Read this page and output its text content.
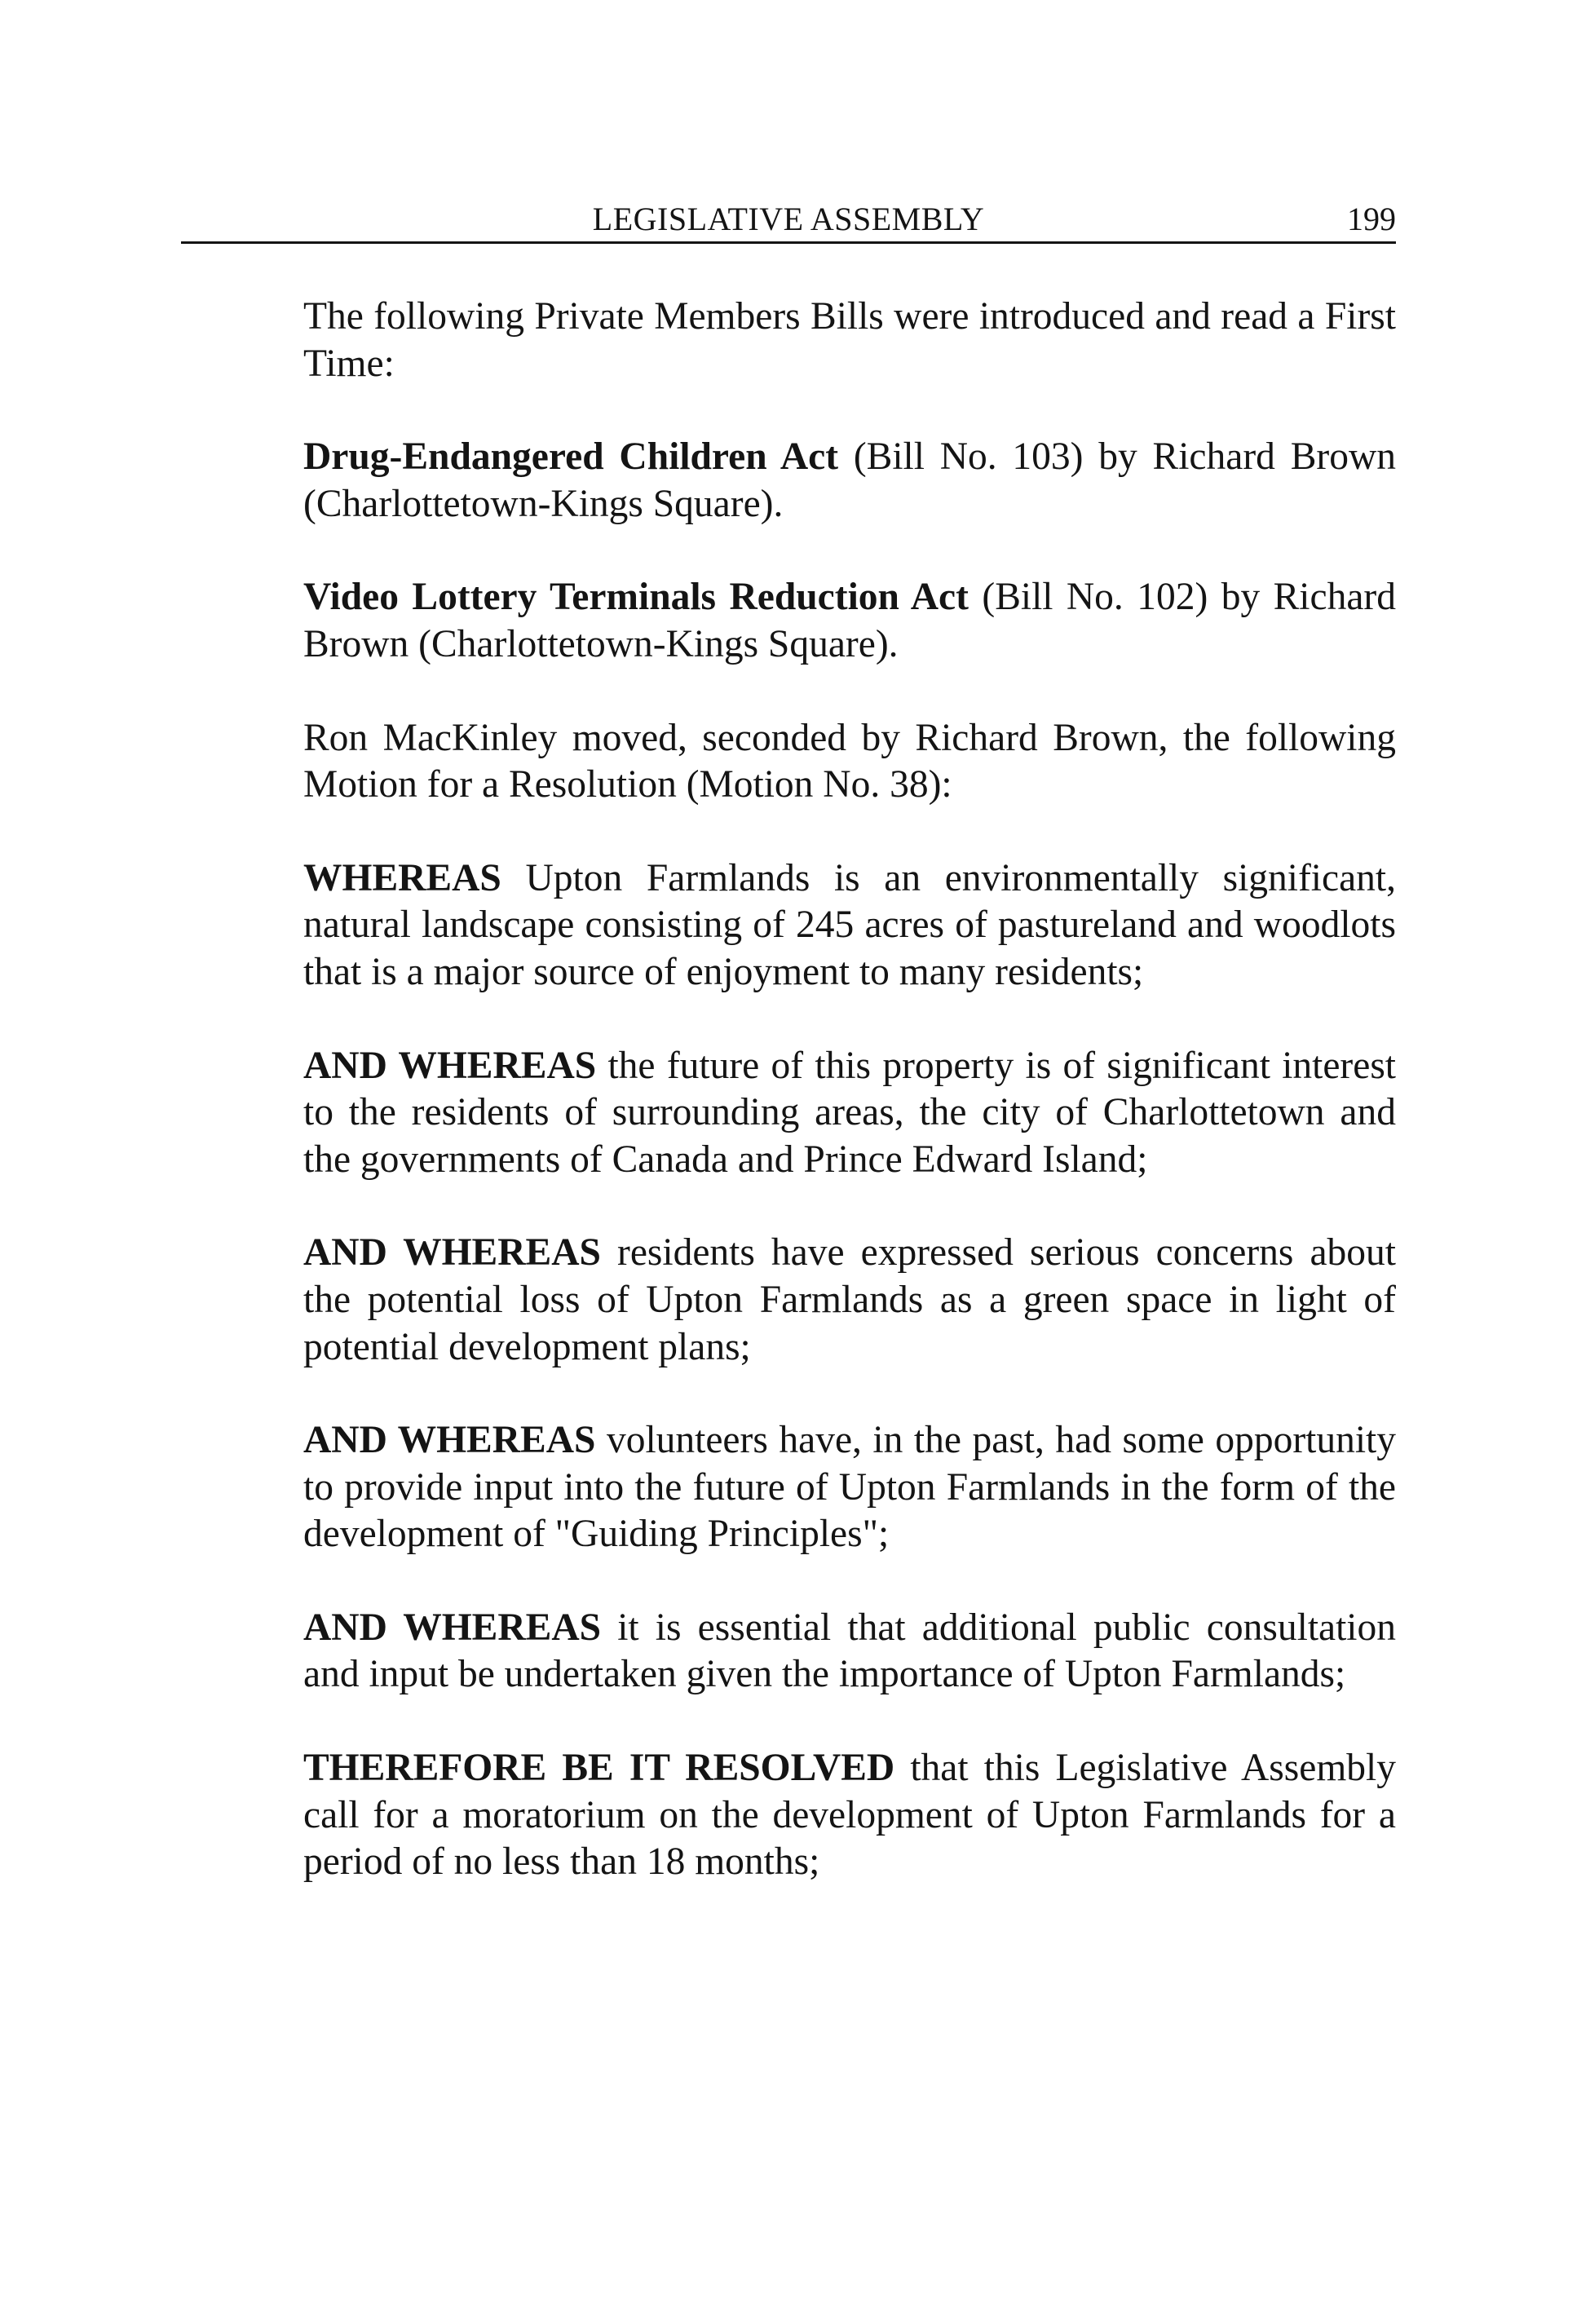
LEGISLATIVE ASSEMBLY	199

The following Private Members Bills were introduced and read a First Time:

Drug-Endangered Children Act (Bill No. 103) by Richard Brown (Charlottetown-Kings Square).

Video Lottery Terminals Reduction Act (Bill No. 102) by Richard Brown (Charlottetown-Kings Square).

Ron MacKinley moved, seconded by Richard Brown, the following Motion for a Resolution (Motion No. 38):

WHEREAS Upton Farmlands is an environmentally significant, natural landscape consisting of 245 acres of pastureland and woodlots that is a major source of enjoyment to many residents;

AND WHEREAS the future of this property is of significant interest to the residents of surrounding areas, the city of Charlottetown and the governments of Canada and Prince Edward Island;

AND WHEREAS residents have expressed serious concerns about the potential loss of Upton Farmlands as a green space in light of potential development plans;

AND WHEREAS volunteers have, in the past, had some opportunity to provide input into the future of Upton Farmlands in the form of the development of "Guiding Principles";

AND WHEREAS it is essential that additional public consultation and input be undertaken given the importance of Upton Farmlands;

THEREFORE BE IT RESOLVED that this Legislative Assembly call for a moratorium on the development of Upton Farmlands for a period of no less than 18 months;
